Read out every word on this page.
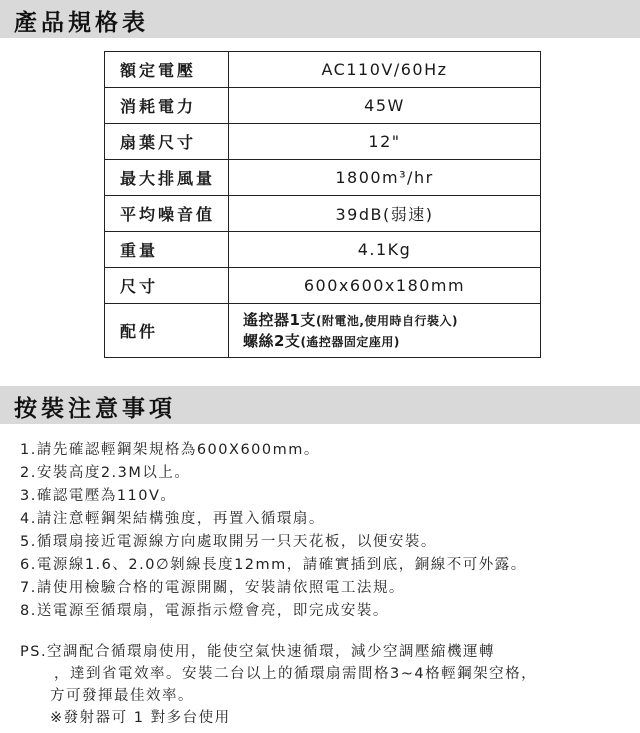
產品規格表
額定電壓	AC110V/60Hz
消耗電力	45W
扇葉尺寸	12"
最大排風量	1800m³/hr
平均噪音值	39dB(弱速)
重量	4.1Kg
尺寸	600x600x180mm
配件	遙控器1支(附電池,使用時自行裝入)
螺絲2支(遙控器固定座用)
按裝注意事項
1.請先確認輕鋼架規格為600X600mm。
2.安裝高度2.3M以上。
3.確認電壓為110V。
4.請注意輕鋼架結構強度，再置入循環扇。
5.循環扇接近電源線方向處取開另一只天花板，以便安裝。
6.電源線1.6、2.0∅剝線長度12mm，請確實插到底，銅線不可外露。
7.請使用檢驗合格的電源開關，安裝請依照電工法規。
8.送電源至循環扇，電源指示燈會亮，即完成安裝。
PS.空調配合循環扇使用，能使空氣快速循環，減少空調壓縮機運轉
，達到省電效率。安裝二台以上的循環扇需間格3~4格輕鋼架空格，
方可發揮最佳效率。
※發射器可 1 對多台使用
